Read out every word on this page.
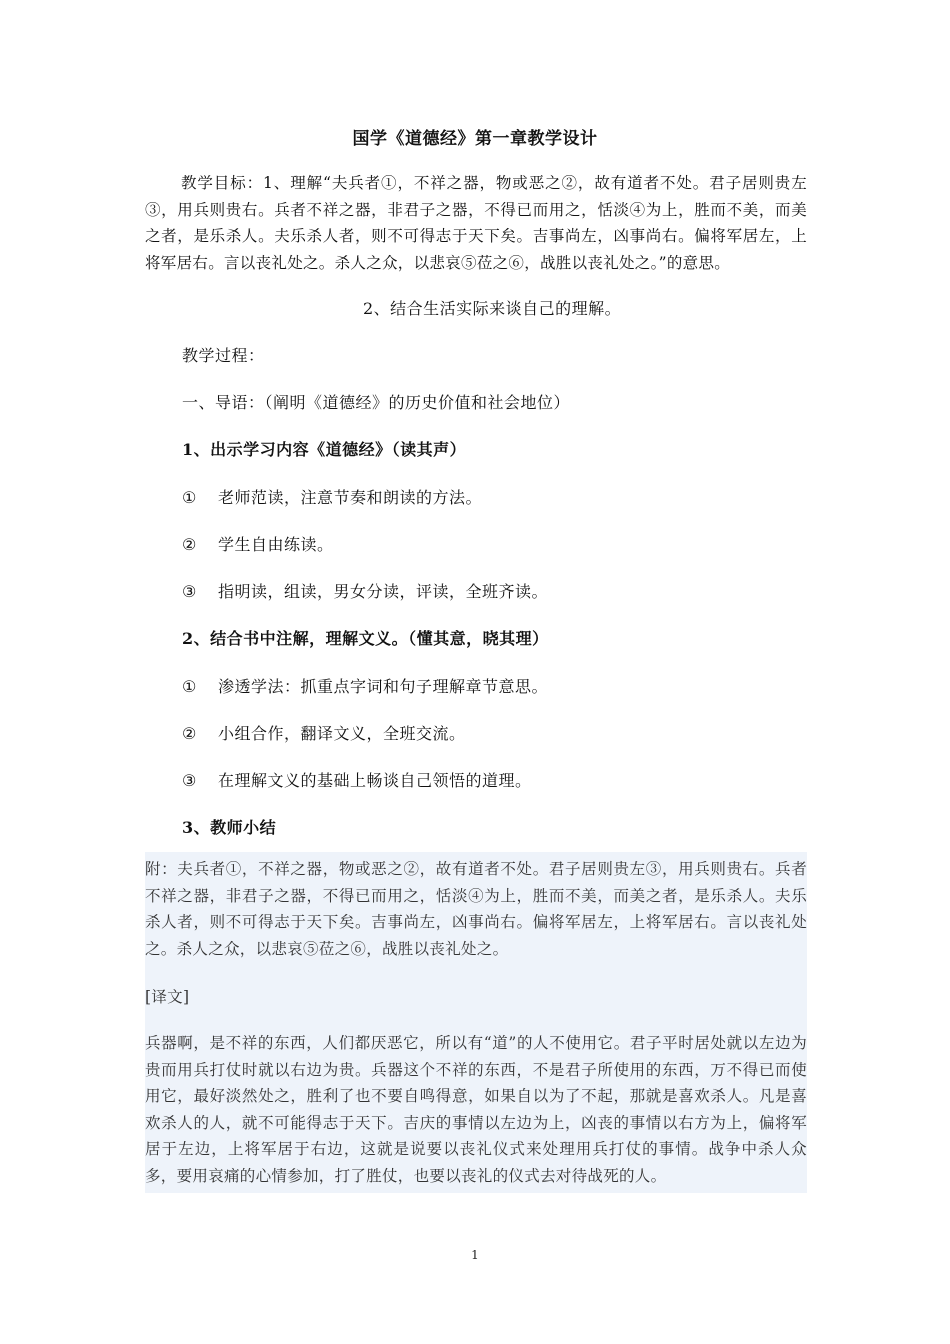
国学《道德经》第一章教学设计
教学目标：1、理解“夫兵者①，不祥之器，物或恶之②，故有道者不处。君子居则贵左③，用兵则贵右。兵者不祥之器，非君子之器，不得已而用之，恬淡④为上，胜而不美，而美之者，是乐杀人。夫乐杀人者，则不可得志于天下矣。吉事尚左，凶事尚右。偏将军居左，上将军居右。言以丧礼处之。杀人之众，以悲哀⑤莅之⑥，战胜以丧礼处之。”的意思。
2、结合生活实际来谈自己的理解。
教学过程：
一、导语：（阐明《道德经》的历史价值和社会地位）
1、出示学习内容《道德经》（读其声）
① 老师范读，注意节奏和朗读的方法。
② 学生自由练读。
③ 指明读，组读，男女分读，评读，全班齐读。
2、结合书中注解，理解文义。（懂其意，晓其理）
① 渗透学法：抓重点字词和句子理解章节意思。
② 小组合作，翻译文义，全班交流。
③ 在理解文义的基础上畅谈自己领悟的道理。
3、教师小结

附：夫兵者①，不祥之器，物或恶之②，故有道者不处。君子居则贵左③，用兵则贵右。兵者不祥之器，非君子之器，不得已而用之，恬淡④为上，胜而不美，而美之者，是乐杀人。夫乐杀人者，则不可得志于天下矣。吉事尚左，凶事尚右。偏将军居左，上将军居右。言以丧礼处之。杀人之众，以悲哀⑤莅之⑥，战胜以丧礼处之。

[译文]

兵器啊，是不祥的东西，人们都厌恶它，所以有“道”的人不使用它。君子平时居处就以左边为贵而用兵打仗时就以右边为贵。兵器这个不祥的东西，不是君子所使用的东西，万不得已而使用它，最好淡然处之，胜利了也不要自鸣得意，如果自以为了不起，那就是喜欢杀人。凡是喜欢杀人的人，就不可能得志于天下。吉庆的事情以左边为上，凶丧的事情以右方为上，偏将军居于左边，上将军居于右边，这就是说要以丧礼仪式来处理用兵打仗的事情。战争中杀人众多，要用哀痛的心情参加，打了胜仗，也要以丧礼的仪式去对待战死的人。

1
